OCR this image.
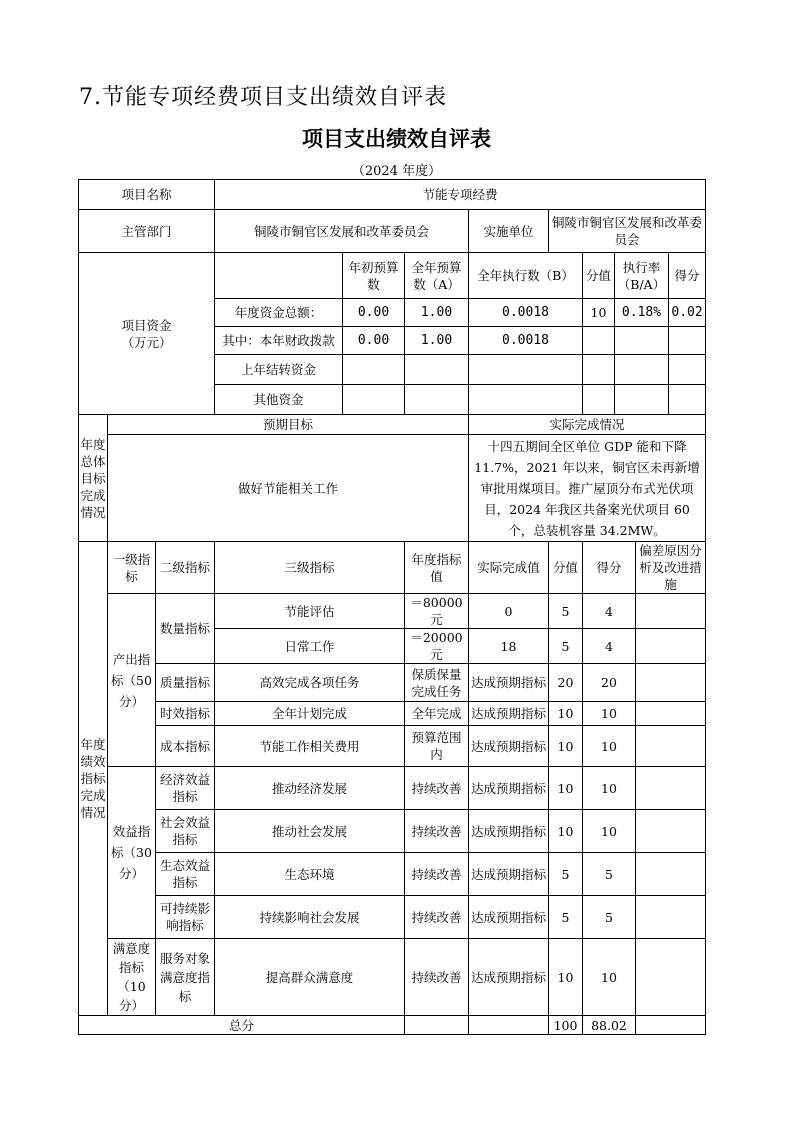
7.节能专项经费项目支出绩效自评表
项目支出绩效自评表
（2024 年度）
项目名称			节能专项经费								
主管部门			铜陵市铜官区发展和改革委员会			实施单位	铜陵市铜官区发展和改革委员会				
项目资金
（万元）				年初预算数	全年预算数（A）	全年执行数（B）		分值	执行率（B/A）		得分
			年度资金总额：	0.00	1.00	0.0018		10	0.18%		0.02
			其中：本年财政拨款	0.00	1.00	0.0018					
			上年结转资金								
			其他资金								
年度总体目标完成情况	预期目标					实际完成情况					
	做好节能相关工作					十四五期间全区单位 GDP 能和下降 11.7%，2021 年以来，铜官区未再新增审批用煤项目。推广屋顶分布式光伏项目，2024 年我区共备案光伏项目 60 个，总装机容量 34.2MW。					
年度绩效指标完成情况	一级指标	二级指标	三级指标		年度指标值	实际完成值	分值	得分		偏差原因分析及改进措施	
	产出指标（50 分）	数量指标	节能评估		＝80000 元	0	5	4			
			日常工作		＝20000 元	18	5	4			
		质量指标	高效完成各项任务		保质保量完成任务	达成预期指标	20	20			
		时效指标	全年计划完成		全年完成	达成预期指标	10	10			
		成本指标	节能工作相关费用		预算范围内	达成预期指标	10	10			
	效益指标（30 分）	经济效益指标	推动经济发展		持续改善	达成预期指标	10	10			
		社会效益指标	推动社会发展		持续改善	达成预期指标	10	10			
		生态效益指标	生态环境		持续改善	达成预期指标	5	5			
		可持续影响指标	持续影响社会发展		持续改善	达成预期指标	5	5			
	满意度指标（10 分）	服务对象满意度指标	提高群众满意度		持续改善	达成预期指标	10	10			
总分							100	88.02			
